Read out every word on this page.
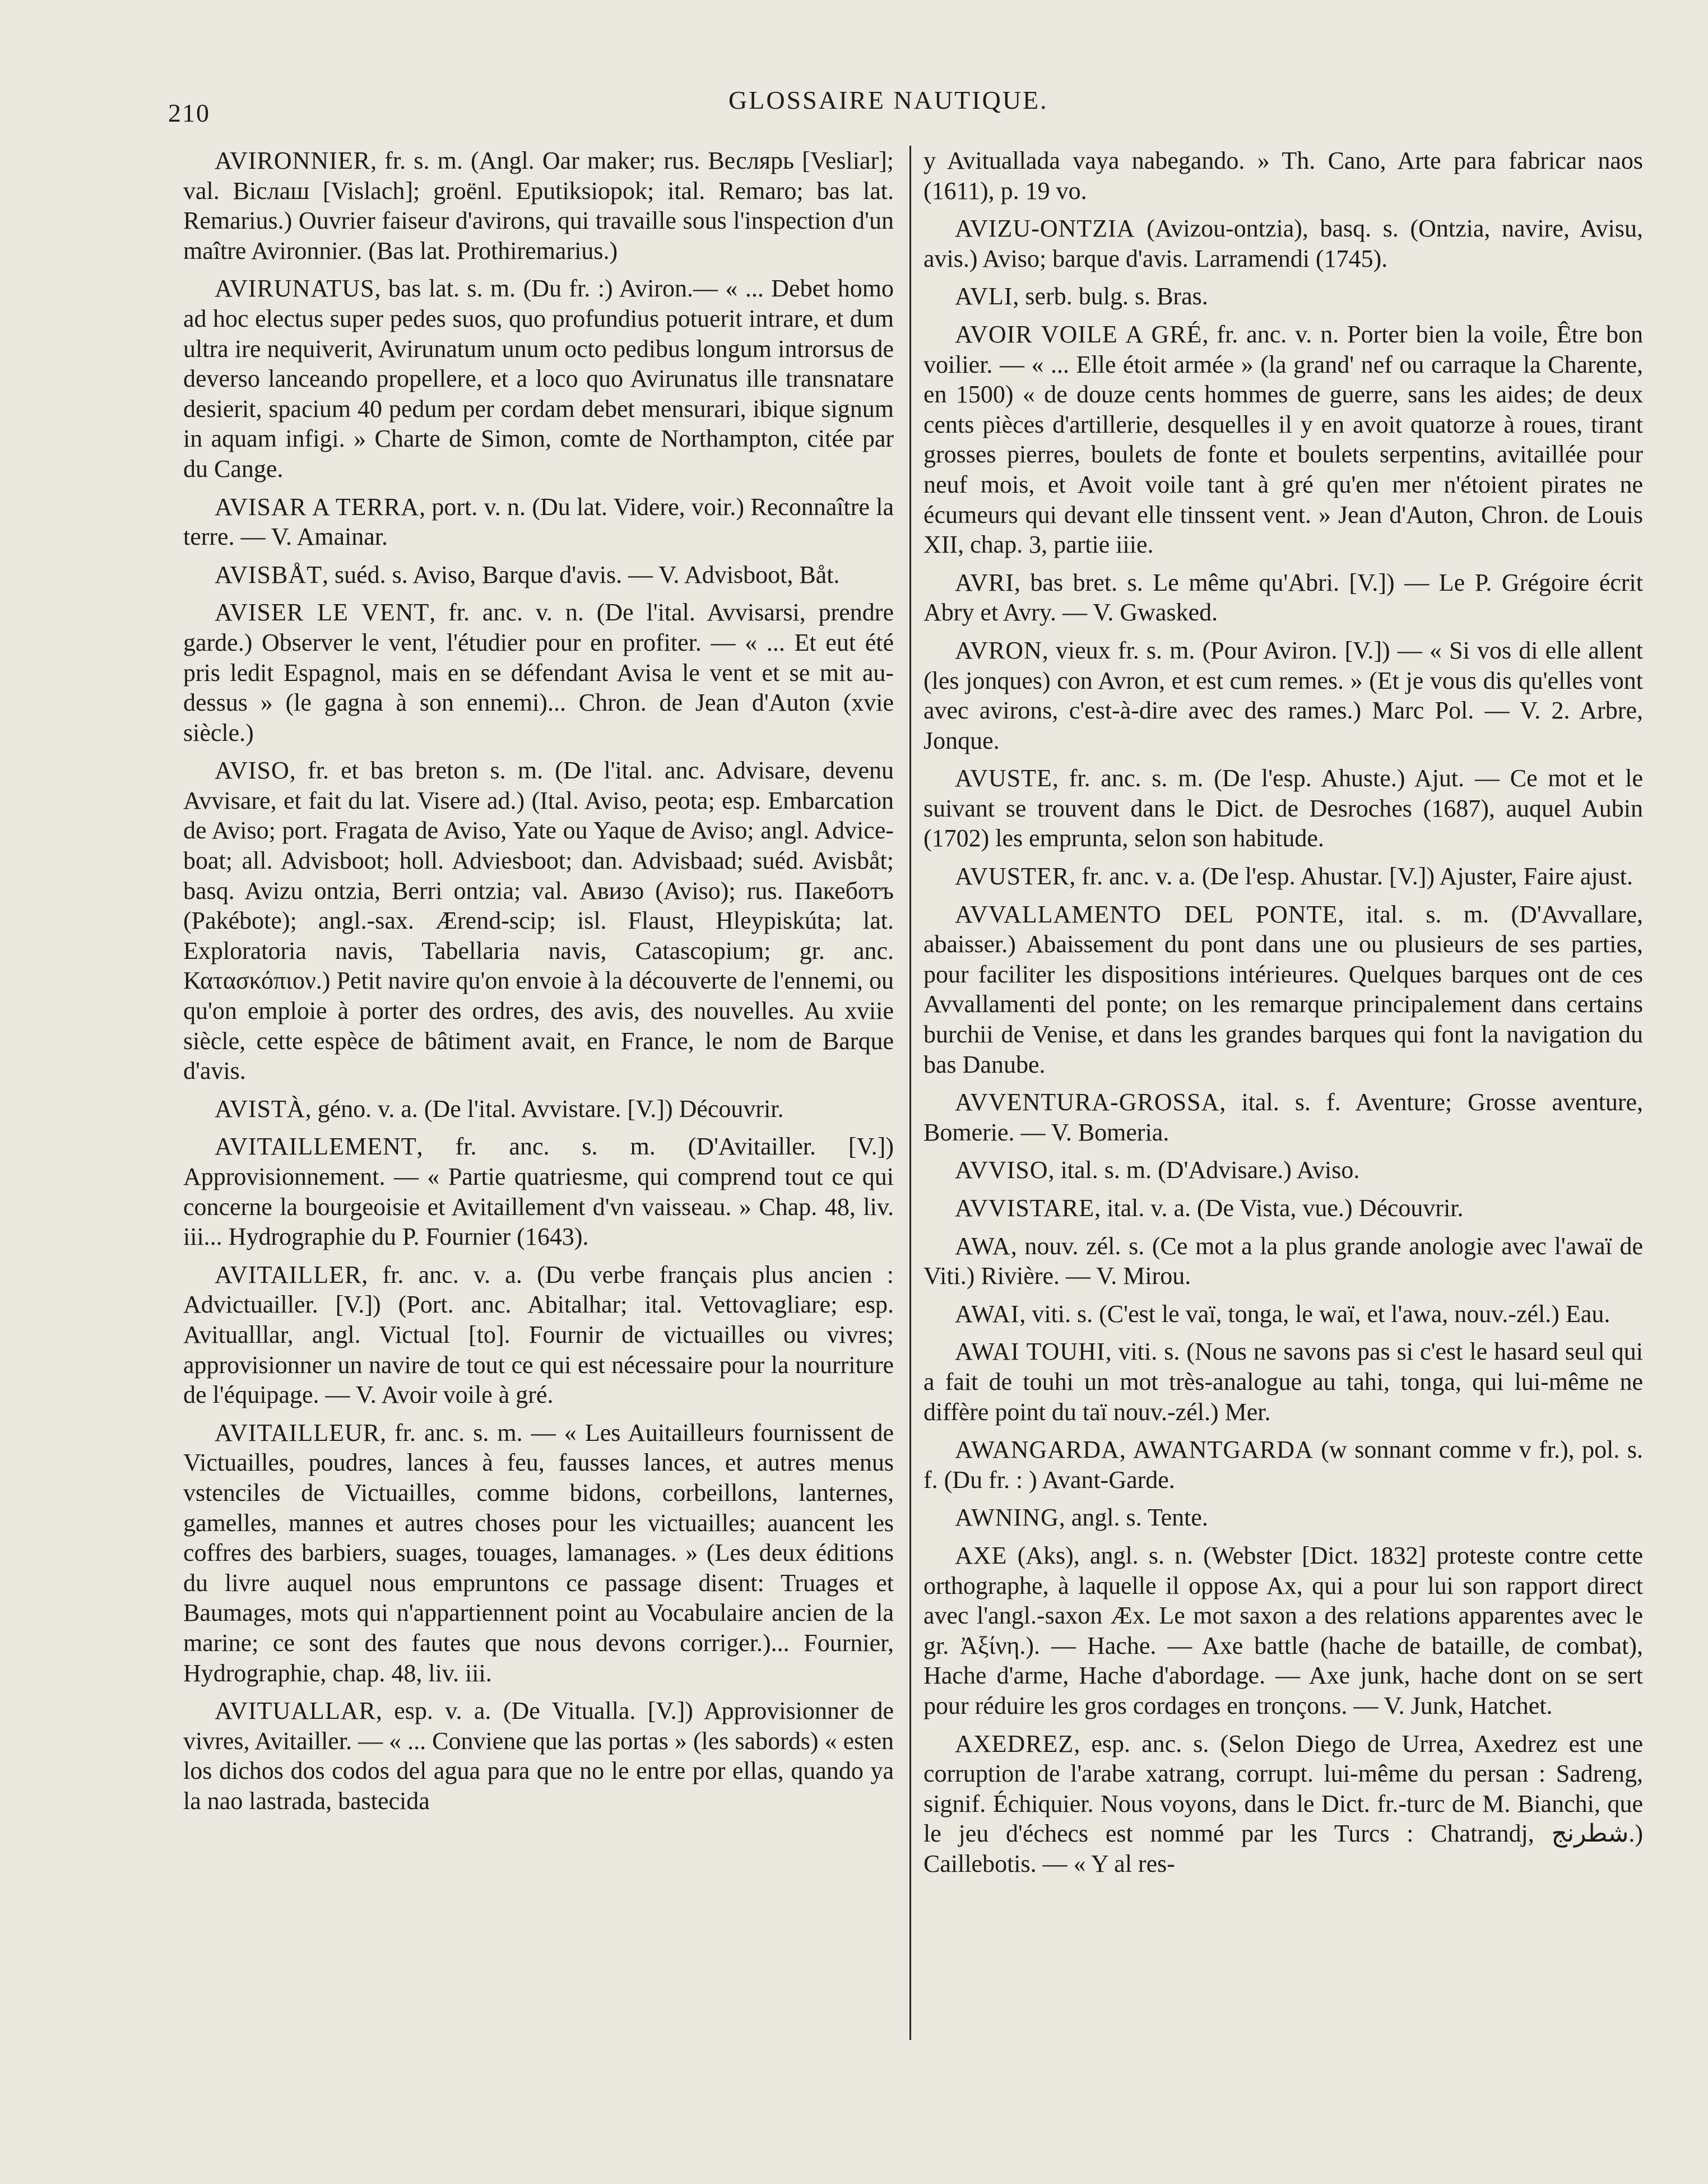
210	GLOSSAIRE NAUTIQUE.

AVIRONNIER, fr. s. m. (Angl. Oar maker; rus. Веслярь [Vesliar]; val. Віслаш [Vislach]; groënl. Eputiksiopok; ital. Remaro; bas lat. Remarius.) Ouvrier faiseur d'avirons, qui travaille sous l'inspection d'un maître Avironnier. (Bas lat. Prothiremarius.)

AVIRUNATUS, bas lat. s. m. (Du fr. :) Aviron.— « ... Debet homo ad hoc electus super pedes suos, quo profundius potuerit intrare, et dum ultra ire nequiverit, Avirunatum unum octo pedibus longum introrsus de deverso lanceando propellere, et a loco quo Avirunatus ille transnatare desierit, spacium 40 pedum per cordam debet mensurari, ibique signum in aquam infigi. » Charte de Simon, comte de Northampton, citée par du Cange.

AVISAR A TERRA, port. v. n. (Du lat. Videre, voir.) Reconnaître la terre. — V. Amainar.

AVISBÅT, suéd. s. Aviso, Barque d'avis. — V. Advisboot, Båt.

AVISER LE VENT, fr. anc. v. n. (De l'ital. Avvisarsi, prendre garde.) Observer le vent, l'étudier pour en profiter. — « ... Et eut été pris ledit Espagnol, mais en se défendant Avisa le vent et se mit au-dessus » (le gagna à son ennemi)... Chron. de Jean d'Auton (xvie siècle.)

AVISO, fr. et bas breton s. m. (De l'ital. anc. Advisare, devenu Avvisare, et fait du lat. Visere ad.) (Ital. Aviso, peota; esp. Embarcation de Aviso; port. Fragata de Aviso, Yate ou Yaque de Aviso; angl. Advice-boat; all. Advisboot; holl. Adviesboot; dan. Advisbaad; suéd. Avisbåt; basq. Avizu ontzia, Berri ontzia; val. Авизо (Aviso); rus. Пакебoтъ (Pakébote); angl.-sax. Ærend-scip; isl. Flaust, Hleypiskúta; lat. Exploratoria navis, Tabellaria navis, Catascopium; gr. anc. Κατασκόπιον.) Petit navire qu'on envoie à la découverte de l'ennemi, ou qu'on emploie à porter des ordres, des avis, des nouvelles. Au xviie siècle, cette espèce de bâtiment avait, en France, le nom de Barque d'avis.

AVISTÀ, géno. v. a. (De l'ital. Avvistare. [V.]) Découvrir.

AVITAILLEMENT, fr. anc. s. m. (D'Avitailler. [V.]) Approvisionnement. — « Partie quatriesme, qui comprend tout ce qui concerne la bourgeoisie et Avitaillement d'vn vaisseau. » Chap. 48, liv. iii... Hydrographie du P. Fournier (1643).

AVITAILLER, fr. anc. v. a. (Du verbe français plus ancien : Advictuailler. [V.]) (Port. anc. Abitalhar; ital. Vettovagliare; esp. Avitualllar, angl. Victual [to]. Fournir de victuailles ou vivres; approvisionner un navire de tout ce qui est nécessaire pour la nourriture de l'équipage. — V. Avoir voile à gré.

AVITAILLEUR, fr. anc. s. m. — « Les Auitailleurs fournissent de Victuailles, poudres, lances à feu, fausses lances, et autres menus vstenciles de Victuailles, comme bidons, corbeillons, lanternes, gamelles, mannes et autres choses pour les victuailles; auancent les coffres des barbiers, suages, touages, lamanages. » (Les deux éditions du livre auquel nous empruntons ce passage disent: Truages et Baumages, mots qui n'appartiennent point au Vocabulaire ancien de la marine; ce sont des fautes que nous devons corriger.)... Fournier, Hydrographie, chap. 48, liv. iii.

AVITUALLAR, esp. v. a. (De Vitualla. [V.]) Approvisionner de vivres, Avitailler. — « ... Conviene que las portas » (les sabords) « esten los dichos dos codos del agua para que no le entre por ellas, quando ya la nao lastrada, bastecida

y Avituallada vaya nabegando. » Th. Cano, Arte para fabricar naos (1611), p. 19 vo.

AVIZU-ONTZIA (Avizou-ontzia), basq. s. (Ontzia, navire, Avisu, avis.) Aviso; barque d'avis. Larramendi (1745).

AVLI, serb. bulg. s. Bras.

AVOIR VOILE A GRÉ, fr. anc. v. n. Porter bien la voile, Être bon voilier. — « ... Elle étoit armée » (la grand' nef ou carraque la Charente, en 1500) « de douze cents hommes de guerre, sans les aides; de deux cents pièces d'artillerie, desquelles il y en avoit quatorze à roues, tirant grosses pierres, boulets de fonte et boulets serpentins, avitaillée pour neuf mois, et Avoit voile tant à gré qu'en mer n'étoient pirates ne écumeurs qui devant elle tinssent vent. » Jean d'Auton, Chron. de Louis XII, chap. 3, partie iiie.

AVRI, bas bret. s. Le même qu'Abri. [V.]) — Le P. Grégoire écrit Abry et Avry. — V. Gwasked.

AVRON, vieux fr. s. m. (Pour Aviron. [V.]) — « Si vos di elle allent (les jonques) con Avron, et est cum remes. » (Et je vous dis qu'elles vont avec avirons, c'est-à-dire avec des rames.) Marc Pol. — V. 2. Arbre, Jonque.

AVUSTE, fr. anc. s. m. (De l'esp. Ahuste.) Ajut. — Ce mot et le suivant se trouvent dans le Dict. de Desroches (1687), auquel Aubin (1702) les emprunta, selon son habitude.

AVUSTER, fr. anc. v. a. (De l'esp. Ahustar. [V.]) Ajuster, Faire ajust.

AVVALLAMENTO DEL PONTE, ital. s. m. (D'Avvallare, abaisser.) Abaissement du pont dans une ou plusieurs de ses parties, pour faciliter les dispositions intérieures. Quelques barques ont de ces Avvallamenti del ponte; on les remarque principalement dans certains burchii de Venise, et dans les grandes barques qui font la navigation du bas Danube.

AVVENTURA-GROSSA, ital. s. f. Aventure; Grosse aventure, Bomerie. — V. Bomeria.

AVVISO, ital. s. m. (D'Advisare.) Aviso.

AVVISTARE, ital. v. a. (De Vista, vue.) Découvrir.

AWA, nouv. zél. s. (Ce mot a la plus grande anologie avec l'awaï de Viti.) Rivière. — V. Mirou.

AWAI, viti. s. (C'est le vaï, tonga, le waï, et l'awa, nouv.-zél.) Eau.

AWAI TOUHI, viti. s. (Nous ne savons pas si c'est le hasard seul qui a fait de touhi un mot très-analogue au tahi, tonga, qui lui-même ne diffère point du taï nouv.-zél.) Mer.

AWANGARDA, AWANTGARDA (w sonnant comme v fr.), pol. s. f. (Du fr. : ) Avant-Garde.

AWNING, angl. s. Tente.

AXE (Aks), angl. s. n. (Webster [Dict. 1832] proteste contre cette orthographe, à laquelle il oppose Ax, qui a pour lui son rapport direct avec l'angl.-saxon Æx. Le mot saxon a des relations apparentes avec le gr. Ἀξίνη.). — Hache. — Axe battle (hache de bataille, de combat), Hache d'arme, Hache d'abordage. — Axe junk, hache dont on se sert pour réduire les gros cordages en tronçons. — V. Junk, Hatchet.

AXEDREZ, esp. anc. s. (Selon Diego de Urrea, Axedrez est une corruption de l'arabe xatrang, corrupt. lui-même du persan : Sadreng, signif. Échiquier. Nous voyons, dans le Dict. fr.-turc de M. Bianchi, que le jeu d'échecs est nommé par les Turcs : Chatrandj, شطرنج.) Caillebotis. — « Y al res-
